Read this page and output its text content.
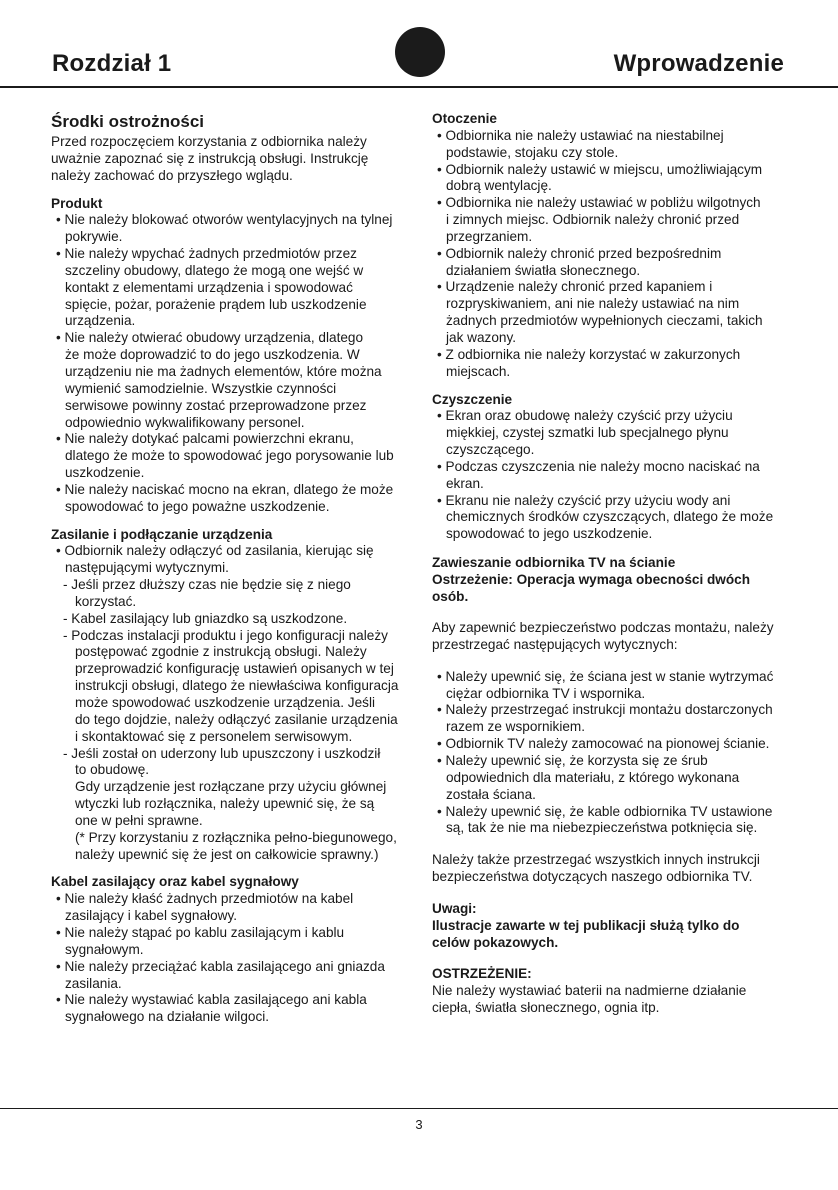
Rozdział 1	Wprowadzenie
Środki ostrożności

Przed rozpoczęciem korzystania z odbiornika należy
uważnie zapoznać się z instrukcją obsługi. Instrukcję
należy zachować do przyszłego wglądu.

Produkt
• Nie należy blokować otworów wentylacyjnych na tylnej
pokrywie.
• Nie należy wpychać żadnych przedmiotów przez
szczeliny obudowy, dlatego że mogą one wejść w
kontakt z elementami urządzenia i spowodować
spięcie, pożar, porażenie prądem lub uszkodzenie
urządzenia.
• Nie należy otwierać obudowy urządzenia, dlatego
że może doprowadzić to do jego uszkodzenia. W
urządzeniu nie ma żadnych elementów, które można
wymienić samodzielnie. Wszystkie czynności
serwisowe powinny zostać przeprowadzone przez
odpowiednio wykwalifikowany personel.
• Nie należy dotykać palcami powierzchni ekranu,
dlatego że może to spowodować jego porysowanie lub
uszkodzenie.
• Nie należy naciskać mocno na ekran, dlatego że może
spowodować to jego poważne uszkodzenie.
Zasilanie i podłączanie urządzenia
• Odbiornik należy odłączyć od zasilania, kierując się
następującymi wytycznymi.
- Jeśli przez dłuższy czas nie będzie się z niego
korzystać.
- Kabel zasilający lub gniazdko są uszkodzone.
- Podczas instalacji produktu i jego konfiguracji należy
postępować zgodnie z instrukcją obsługi. Należy
przeprowadzić konfigurację ustawień opisanych w tej
instrukcji obsługi, dlatego że niewłaściwa konfiguracja
może spowodować uszkodzenie urządzenia. Jeśli
do tego dojdzie, należy odłączyć zasilanie urządzenia
i skontaktować się z personelem serwisowym.
- Jeśli został on uderzony lub upuszczony i uszkodził
to obudowę.

Gdy urządzenie jest rozłączane przy użyciu głównej
wtyczki lub rozłącznika, należy upewnić się, że są
one w pełni sprawne.
(* Przy korzystaniu z rozłącznika pełno-biegunowego,
należy upewnić się że jest on całkowicie sprawny.)

Kabel zasilający oraz kabel sygnałowy
• Nie należy kłaść żadnych przedmiotów na kabel
zasilający i kabel sygnałowy.
• Nie należy stąpać po kablu zasilającym i kablu
sygnałowym.
• Nie należy przeciążać kabla zasilającego ani gniazda
zasilania.
• Nie należy wystawiać kabla zasilającego ani kabla
sygnałowego na działanie wilgoci.
Otoczenie
• Odbiornika nie należy ustawiać na niestabilnej
podstawie, stojaku czy stole.
• Odbiornik należy ustawić w miejscu, umożliwiającym
dobrą wentylację.
• Odbiornika nie należy ustawiać w pobliżu wilgotnych
i zimnych miejsc. Odbiornik należy chronić przed
przegrzaniem.
• Odbiornik należy chronić przed bezpośrednim
działaniem światła słonecznego.
• Urządzenie należy chronić przed kapaniem i
rozpryskiwaniem, ani nie należy ustawiać na nim
żadnych przedmiotów wypełnionych cieczami, takich
jak wazony.
• Z odbiornika nie należy korzystać w zakurzonych
miejscach.
Czyszczenie
• Ekran oraz obudowę należy czyścić przy użyciu
miękkiej, czystej szmatki lub specjalnego płynu
czyszczącego.
• Podczas czyszczenia nie należy mocno naciskać na
ekran.
• Ekranu nie należy czyścić przy użyciu wody ani
chemicznych środków czyszczących, dlatego że może
spowodować to jego uszkodzenie.
Zawieszanie odbiornika TV na ścianie
Ostrzeżenie: Operacja wymaga obecności dwóch
osób.

Aby zapewnić bezpieczeństwo podczas montażu, należy
przestrzegać następujących wytycznych:

• Należy upewnić się, że ściana jest w stanie wytrzymać
ciężar odbiornika TV i wspornika.
• Należy przestrzegać instrukcji montażu dostarczonych
razem ze wspornikiem.
• Odbiornik TV należy zamocować na pionowej ścianie.
• Należy upewnić się, że korzysta się ze śrub
odpowiednich dla materiału, z którego wykonana
została ściana.
• Należy upewnić się, że kable odbiornika TV ustawione
są, tak że nie ma niebezpieczeństwa potknięcia się.

Należy także przestrzegać wszystkich innych instrukcji
bezpieczeństwa dotyczących naszego odbiornika TV.

Uwagi:
Ilustracje zawarte w tej publikacji służą tylko do
celów pokazowych.
OSTRZEŻENIE:

Nie należy wystawiać baterii na nadmierne działanie
ciepła, światła słonecznego, ognia itp.

3
